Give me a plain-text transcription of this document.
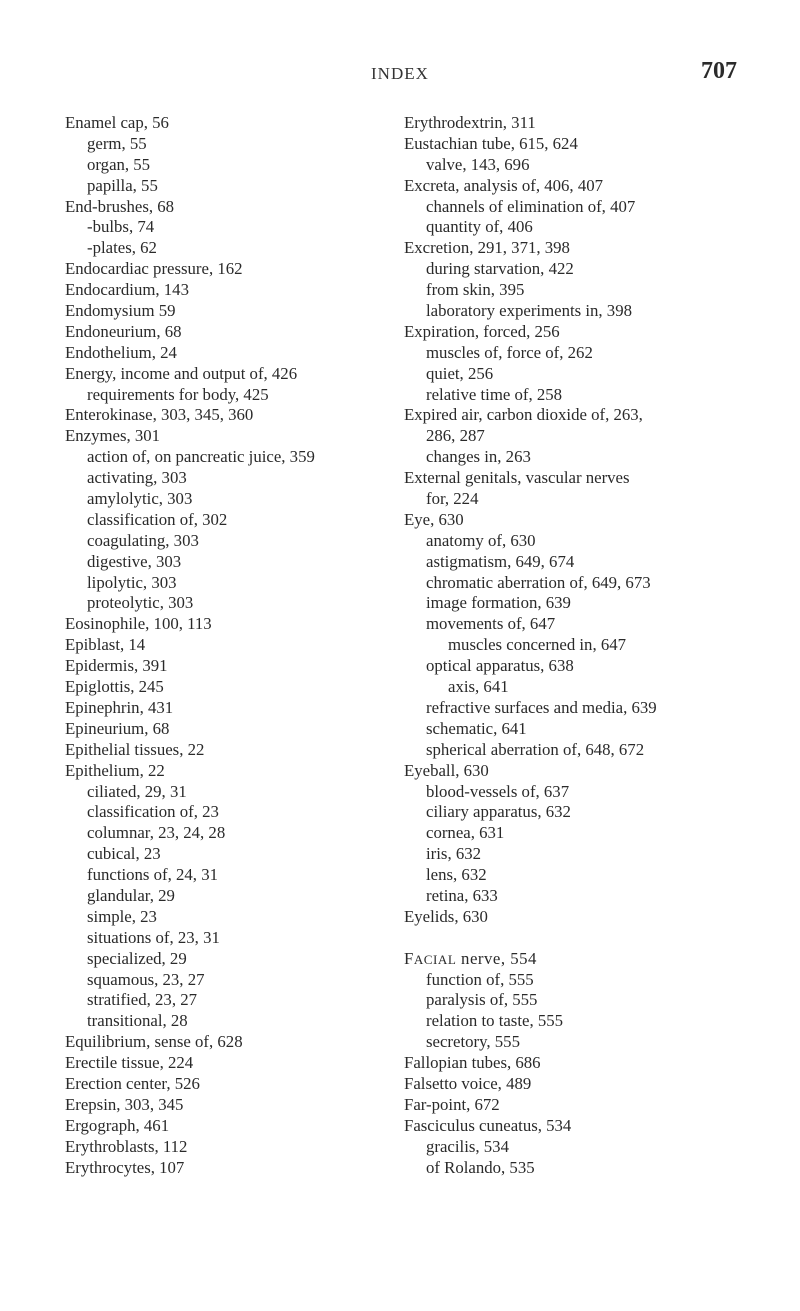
INDEX	707
Enamel cap, 56
germ, 55
organ, 55
papilla, 55
End-brushes, 68
-bulbs, 74
-plates, 62
Endocardiac pressure, 162
Endocardium, 143
Endomysium 59
Endoneurium, 68
Endothelium, 24
Energy, income and output of, 426
requirements for body, 425
Enterokinase, 303, 345, 360
Enzymes, 301
action of, on pancreatic juice, 359
activating, 303
amylolytic, 303
classification of, 302
coagulating, 303
digestive, 303
lipolytic, 303
proteolytic, 303
Eosinophile, 100, 113
Epiblast, 14
Epidermis, 391
Epiglottis, 245
Epinephrin, 431
Epineurium, 68
Epithelial tissues, 22
Epithelium, 22
ciliated, 29, 31
classification of, 23
columnar, 23, 24, 28
cubical, 23
functions of, 24, 31
glandular, 29
simple, 23
situations of, 23, 31
specialized, 29
squamous, 23, 27
stratified, 23, 27
transitional, 28
Equilibrium, sense of, 628
Erectile tissue, 224
Erection center, 526
Erepsin, 303, 345
Ergograph, 461
Erythroblasts, 112
Erythrocytes, 107
Erythrodextrin, 311
Eustachian tube, 615, 624
valve, 143, 696
Excreta, analysis of, 406, 407
channels of elimination of, 407
quantity of, 406
Excretion, 291, 371, 398
during starvation, 422
from skin, 395
laboratory experiments in, 398
Expiration, forced, 256
muscles of, force of, 262
quiet, 256
relative time of, 258
Expired air, carbon dioxide of, 263,
286, 287
changes in, 263
External genitals, vascular nerves
for, 224
Eye, 630
anatomy of, 630
astigmatism, 649, 674
chromatic aberration of, 649, 673
image formation, 639
movements of, 647
muscles concerned in, 647
optical apparatus, 638
axis, 641
refractive surfaces and media, 639
schematic, 641
spherical aberration of, 648, 672
Eyeball, 630
blood-vessels of, 637
ciliary apparatus, 632
cornea, 631
iris, 632
lens, 632
retina, 633
Eyelids, 630
FACIAL nerve, 554
function of, 555
paralysis of, 555
relation to taste, 555
secretory, 555
Fallopian tubes, 686
Falsetto voice, 489
Far-point, 672
Fasciculus cuneatus, 534
gracilis, 534
of Rolando, 535
